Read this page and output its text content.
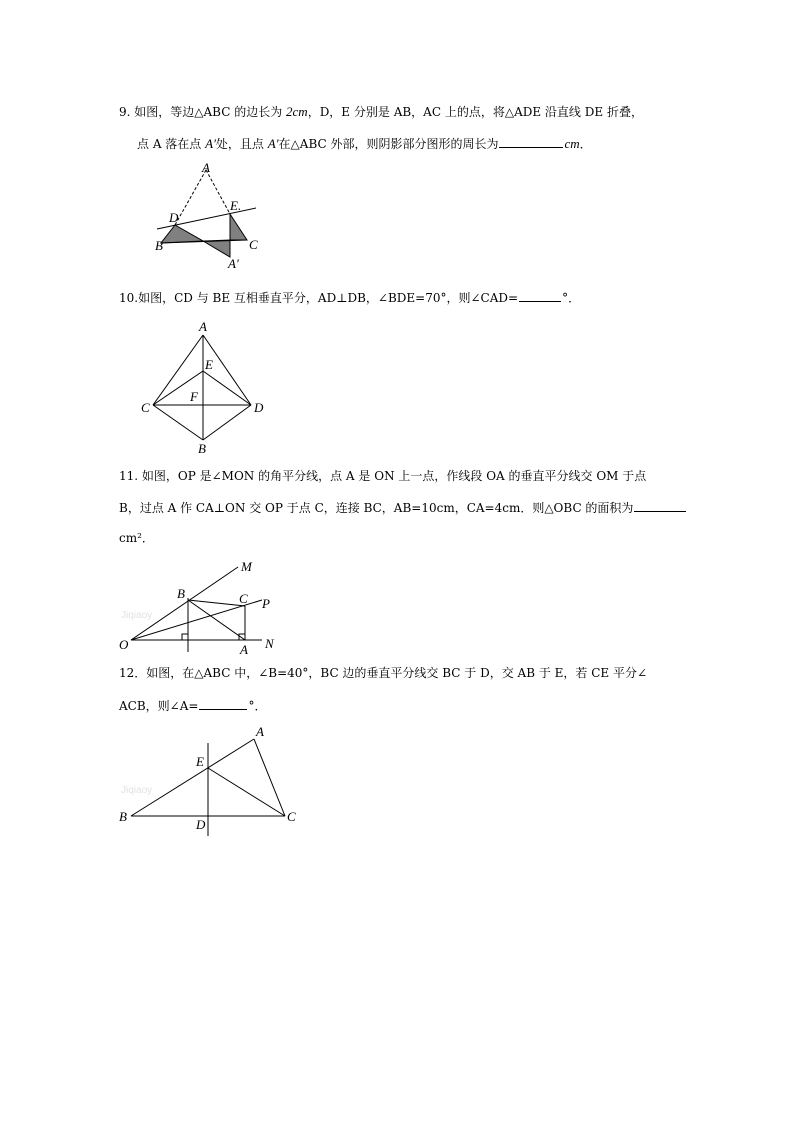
9. 如图，等边△ABC 的边长为 2cm，D，E 分别是 AB，AC 上的点，将△ADE 沿直线 DE 折叠，
点 A 落在点 A′处，且点 A′在△ABC 外部，则阴影部分图形的周长为	cm．
A
D
E.
B	C
A′
10.如图，CD 与 BE 互相垂直平分，AD⊥DB，∠BDE=70°，则∠CAD=	°．
A
E
F
C	D
B
11. 如图，OP 是∠MON 的角平分线，点 A 是 ON 上一点，作线段 OA 的垂直平分线交 OM 于点
B，过点 A 作 CA⊥ON 交 OP 于点 C，连接 BC，AB=10cm，CA=4cm．则△OBC 的面积为
cm²．
Jiqiaoy
M
B	C P
O	A N
12．如图，在△ABC 中，∠B=40°，BC 边的垂直平分线交 BC 于 D，交 AB 于 E，若 CE 平分∠
ACB，则∠A=	°．
Jiqiaoy
A
E
B
D
C
